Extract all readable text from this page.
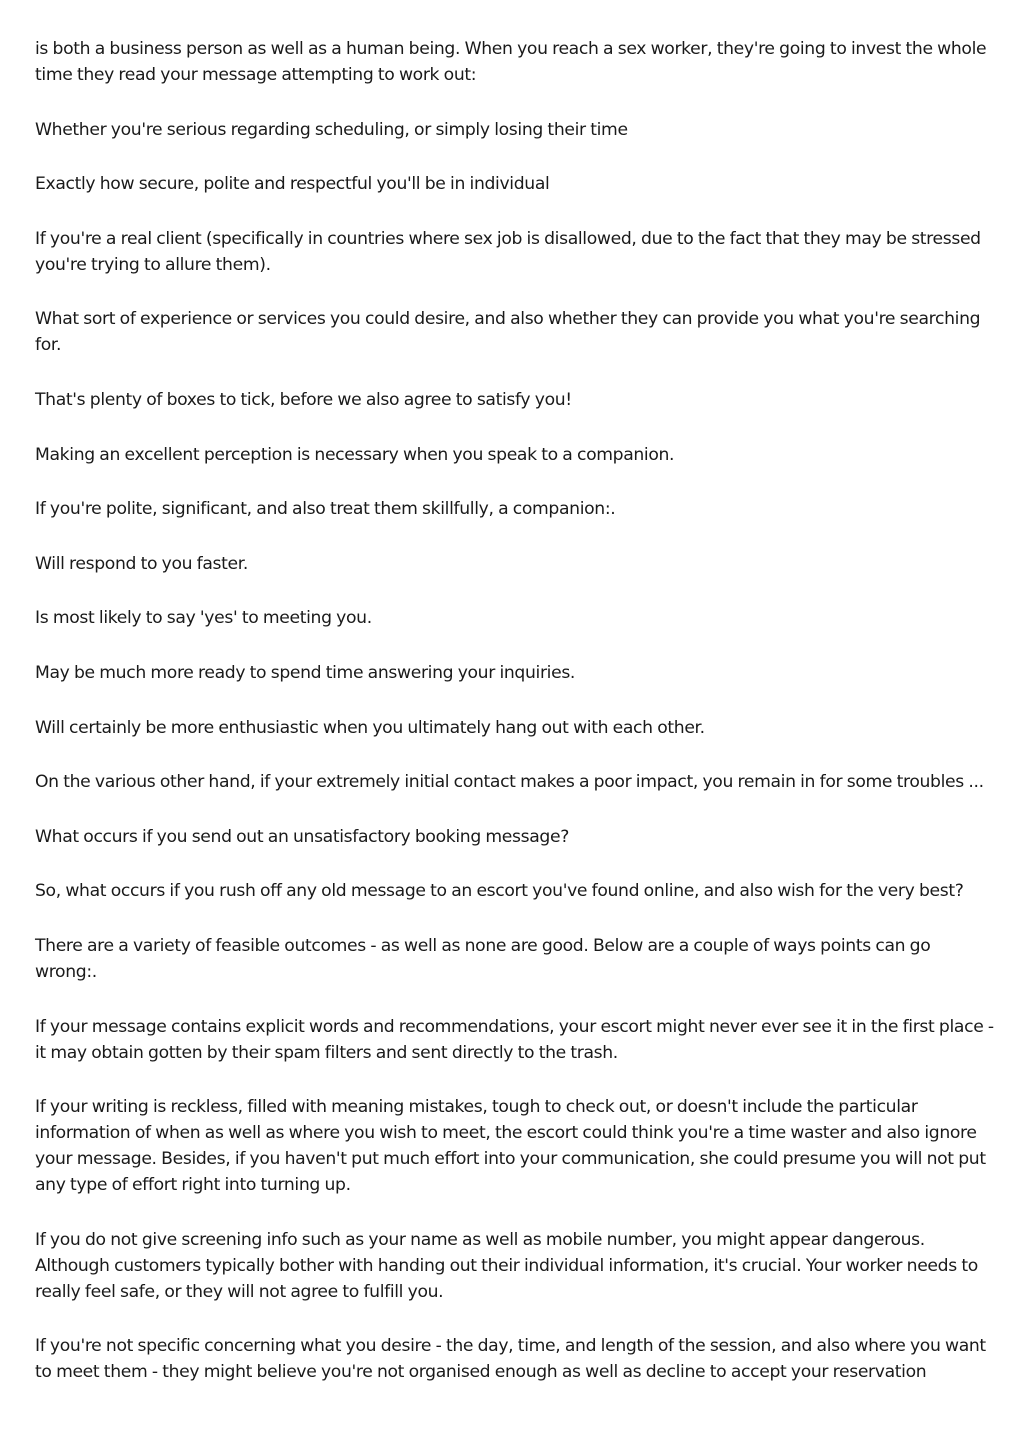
is both a business person as well as a human being. When you reach a sex worker, they're going to invest the whole time they read your message attempting to work out:

Whether you're serious regarding scheduling, or simply losing their time

Exactly how secure, polite and respectful you'll be in individual

If you're a real client (specifically in countries where sex job is disallowed, due to the fact that they may be stressed you're trying to allure them).

What sort of experience or services you could desire, and also whether they can provide you what you're searching for.

That's plenty of boxes to tick, before we also agree to satisfy you!

Making an excellent perception is necessary when you speak to a companion.

If you're polite, significant, and also treat them skillfully, a companion:.

Will respond to you faster.

Is most likely to say 'yes' to meeting you.

May be much more ready to spend time answering your inquiries.

Will certainly be more enthusiastic when you ultimately hang out with each other.

On the various other hand, if your extremely initial contact makes a poor impact, you remain in for some troubles ...

What occurs if you send out an unsatisfactory booking message?

So, what occurs if you rush off any old message to an escort you've found online, and also wish for the very best?

There are a variety of feasible outcomes - as well as none are good. Below are a couple of ways points can go wrong:.

If your message contains explicit words and recommendations, your escort might never ever see it in the first place - it may obtain gotten by their spam filters and sent directly to the trash.

If your writing is reckless, filled with meaning mistakes, tough to check out, or doesn't include the particular information of when as well as where you wish to meet, the escort could think you're a time waster and also ignore your message. Besides, if you haven't put much effort into your communication, she could presume you will not put any type of effort right into turning up.

If you do not give screening info such as your name as well as mobile number, you might appear dangerous. Although customers typically bother with handing out their individual information, it's crucial. Your worker needs to really feel safe, or they will not agree to fulfill you.

If you're not specific concerning what you desire - the day, time, and length of the session, and also where you want to meet them - they might believe you're not organised enough as well as decline to accept your reservation
